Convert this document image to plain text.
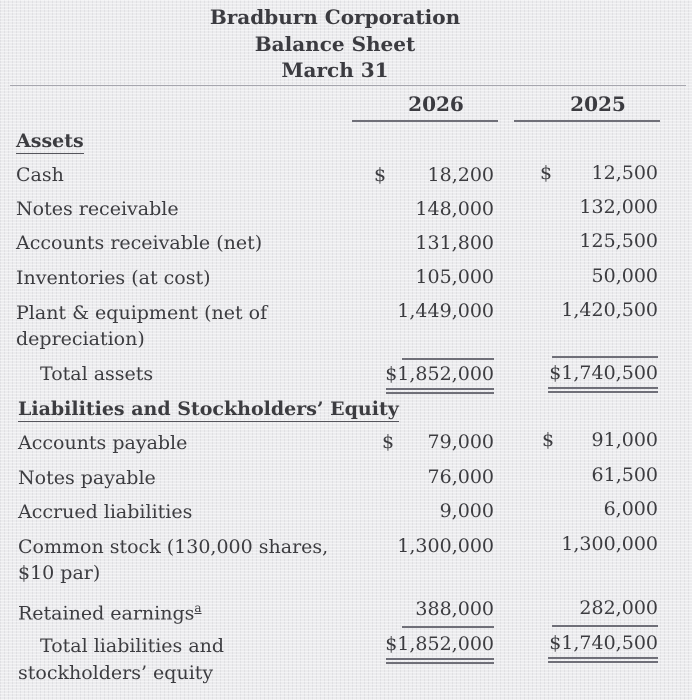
Bradburn Corporation
Balance Sheet
March 31
2026	2025
Assets
Cash	$	18,200 $	12,500
Notes receivable	148,000	132,000
Accounts receivable (net)	131,800	125,500
Inventories (at cost)	105,000	50,000
Plant & equipment (net of
depreciation)
1,449,000	1,420,500
Total assets	$1,852,000	$1,740,500
Liabilities and Stockholders’ Equity
Accounts payable	$	79,000	$	91,000
Notes payable	76,000	61,500
Accrued liabilities	9,000	6,000
Common stock (130,000 shares,
$10 par)
1,300,000	1,300,000
Retained earnings$^a$	388,000	282,000
Total liabilities and
stockholders’ equity
$1,852,000	$1,740,500
